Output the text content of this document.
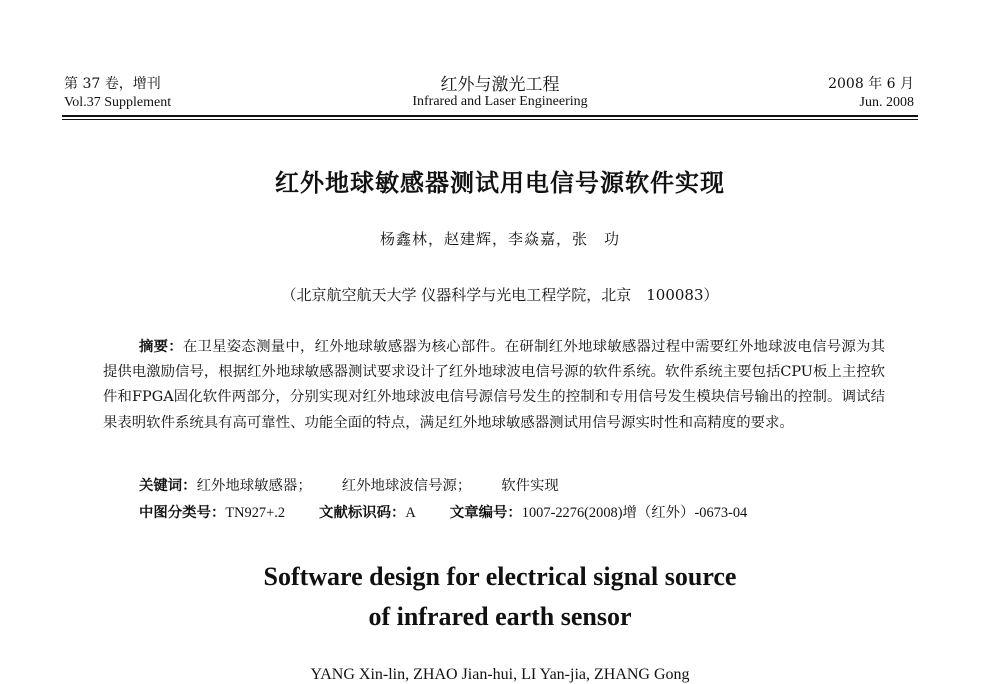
第 37 卷，增刊
Vol.37 Supplement
红外与激光工程
Infrared and Laser Engineering
2008 年 6 月
Jun. 2008
红外地球敏感器测试用电信号源软件实现
杨鑫林，赵建辉，李焱嘉，张　功
（北京航空航天大学 仪器科学与光电工程学院，北京　100083）
摘要：在卫星姿态测量中，红外地球敏感器为核心部件。在研制红外地球敏感器过程中需要红外地球波电信号源为其提供电激励信号，根据红外地球敏感器测试要求设计了红外地球波电信号源的软件系统。软件系统主要包括CPU板上主控软件和FPGA固化软件两部分，分别实现对红外地球波电信号源信号发生的控制和专用信号发生模块信号输出的控制。调试结果表明软件系统具有高可靠性、功能全面的特点，满足红外地球敏感器测试用信号源实时性和高精度的要求。
关键词：红外地球敏感器； 红外地球波信号源； 软件实现
中图分类号：TN927+.2 文献标识码：A 文章编号：1007-2276(2008)增（红外）-0673-04
Software design for electrical signal source
of infrared earth sensor
YANG Xin-lin, ZHAO Jian-hui, LI Yan-jia, ZHANG Gong
